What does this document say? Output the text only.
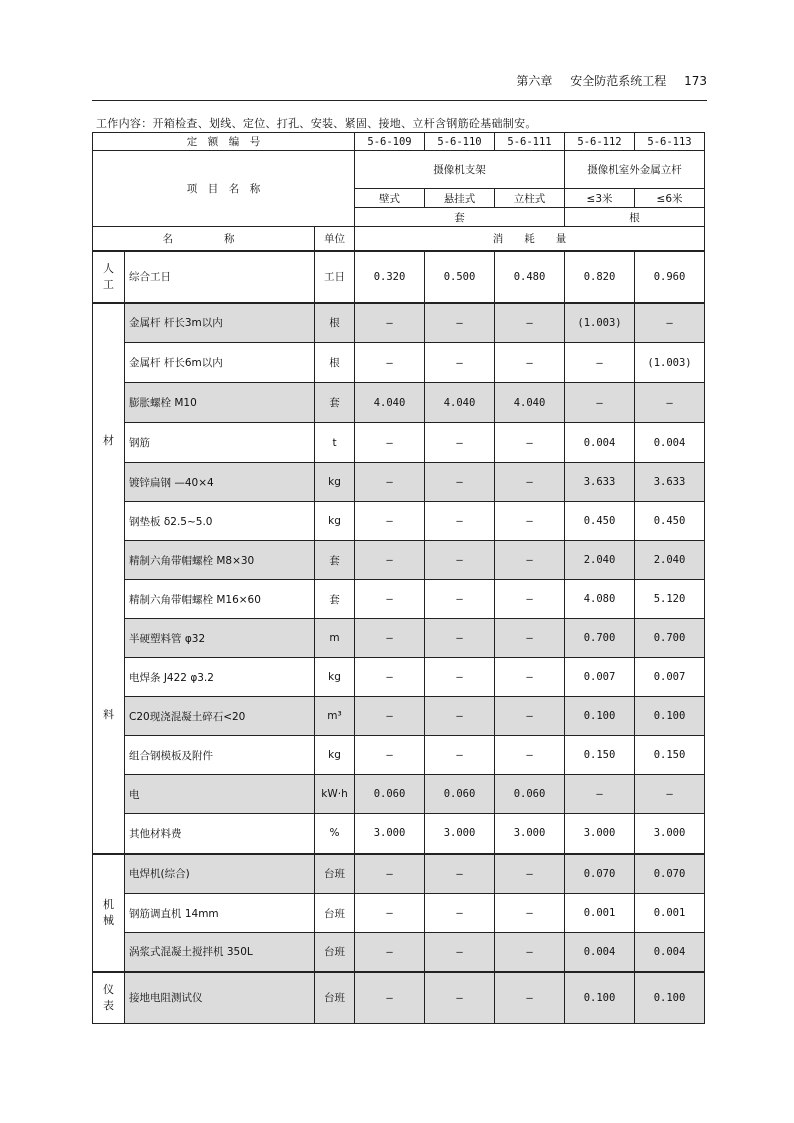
第六章 安全防范系统工程 173
工作内容：开箱检查、划线、定位、打孔、安装、紧固、接地、立杆含钢筋砼基础制安。
定　额　编　号			5-6-109	5-6-110	5-6-111	5-6-112	5-6-113
项　目　名　称			摄像机支架			摄像机室外金属立杆	

			壁式	悬挂式	立柱式	≤3米	≤6米
			套			根	
名　　称		单位	消　　耗　　量				
人工	综合工日	工日	0.320	0.500	0.480	0.820	0.960

材
料	金属杆 杆长3m以内	根	—	—	—	(1.003)	—
	金属杆 杆长6m以内	根	—	—	—	—	(1.003)
	膨胀螺栓 M10	套	4.040	4.040	4.040	—	—
	钢筋	t	—	—	—	0.004	0.004
	镀锌扁钢 —40×4	kg	—	—	—	3.633	3.633
	钢垫板 δ2.5~5.0	kg	—	—	—	0.450	0.450
	精制六角带帽螺栓 M8×30	套	—	—	—	2.040	2.040
	精制六角带帽螺栓 M16×60	套	—	—	—	4.080	5.120
	半硬塑料管 φ32	m	—	—	—	0.700	0.700
	电焊条 J422 φ3.2	kg	—	—	—	0.007	0.007
	C20现浇混凝土碎石<20	m³	—	—	—	0.100	0.100
	组合钢模板及附件	kg	—	—	—	0.150	0.150
	电	kW·h	0.060	0.060	0.060	—	—
	其他材料费	%	3.000	3.000	3.000	3.000	3.000
机械	电焊机(综合)	台班	—	—	—	0.070	0.070
	钢筋调直机 14mm	台班	—	—	—	0.001	0.001
	涡浆式混凝土搅拌机 350L	台班	—	—	—	0.004	0.004
仪表	接地电阻测试仪	台班	—	—	—	0.100	0.100
